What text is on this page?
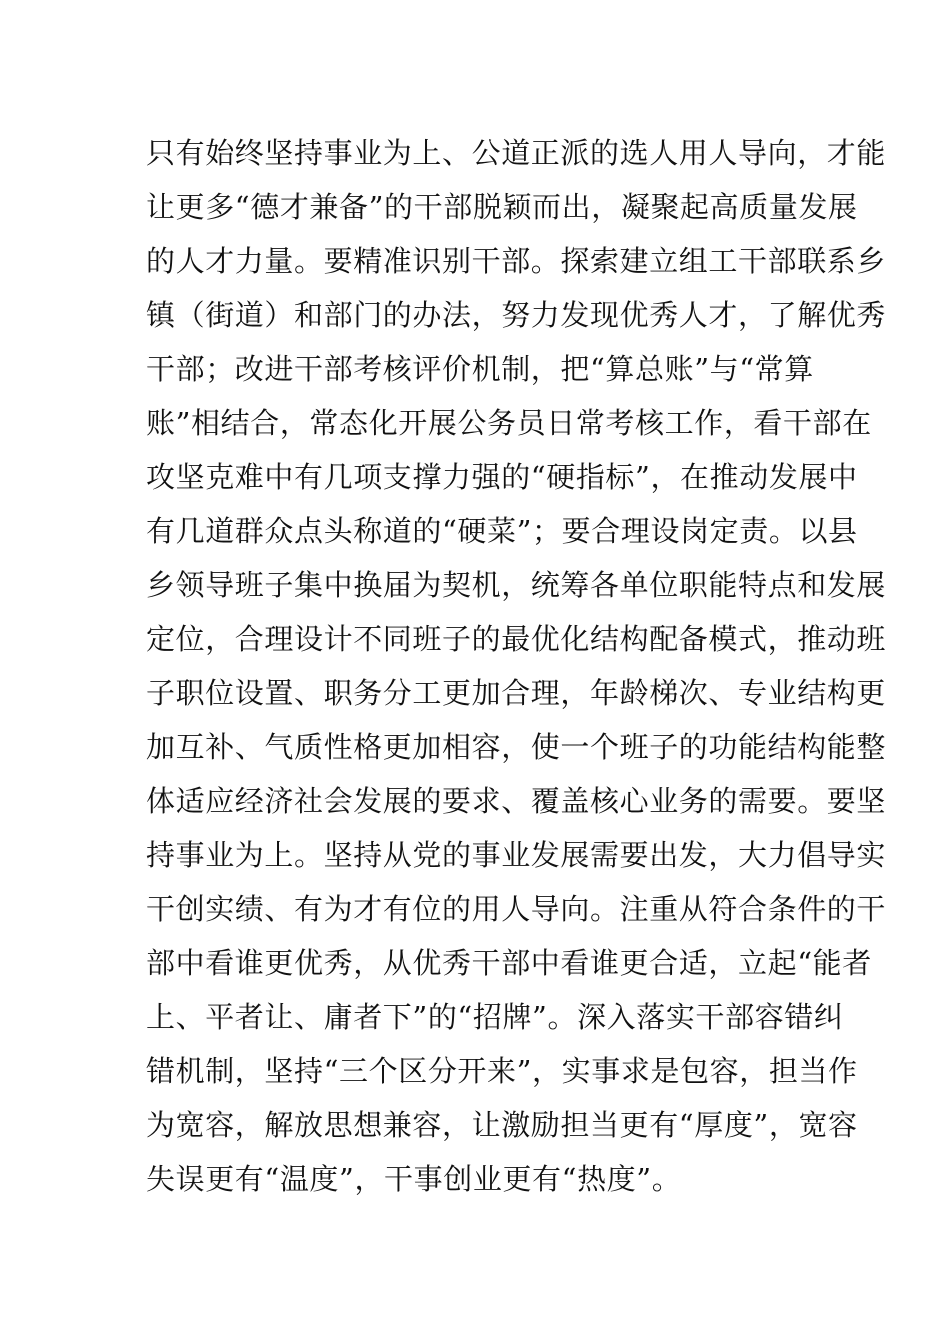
只有始终坚持事业为上、公道正派的选人用人导向，才能
让更多“德才兼备”的干部脱颖而出，凝聚起高质量发展
的人才力量。要精准识别干部。探索建立组工干部联系乡
镇（街道）和部门的办法，努力发现优秀人才，了解优秀
干部；改进干部考核评价机制，把“算总账”与“常算
账”相结合，常态化开展公务员日常考核工作，看干部在
攻坚克难中有几项支撑力强的“硬指标”，在推动发展中
有几道群众点头称道的“硬菜”；要合理设岗定责。以县
乡领导班子集中换届为契机，统筹各单位职能特点和发展
定位，合理设计不同班子的最优化结构配备模式，推动班
子职位设置、职务分工更加合理，年龄梯次、专业结构更
加互补、气质性格更加相容，使一个班子的功能结构能整
体适应经济社会发展的要求、覆盖核心业务的需要。要坚
持事业为上。坚持从党的事业发展需要出发，大力倡导实
干创实绩、有为才有位的用人导向。注重从符合条件的干
部中看谁更优秀，从优秀干部中看谁更合适，立起“能者
上、平者让、庸者下”的“招牌”。深入落实干部容错纠
错机制，坚持“三个区分开来”，实事求是包容，担当作
为宽容，解放思想兼容，让激励担当更有“厚度”，宽容
失误更有“温度”，干事创业更有“热度”。
